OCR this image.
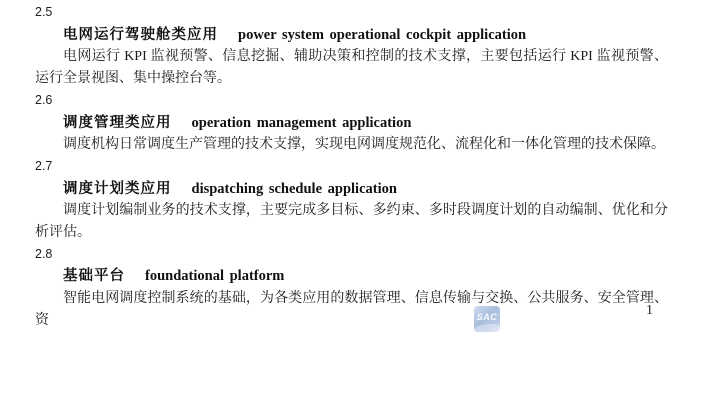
2.5
电网运行驾驶舱类应用 power system operational cockpit application

电网运行 KPI 监视预警、信息挖掘、辅助决策和控制的技术支撑，主要包括运行 KPI 监视预警、运行全景视图、集中操控台等。

2.6
调度管理类应用 operation management application

调度机构日常调度生产管理的技术支撑，实现电网调度规范化、流程化和一体化管理的技术保障。

2.7
调度计划类应用 dispatching schedule application

调度计划编制业务的技术支撑，主要完成多目标、多约束、多时段调度计划的自动编制、优化和分析评估。

2.8
基础平台 foundational platform

智能电网调度控制系统的基础，为各类应用的数据管理、信息传输与交换、公共服务、安全管理、资	SAC	1
